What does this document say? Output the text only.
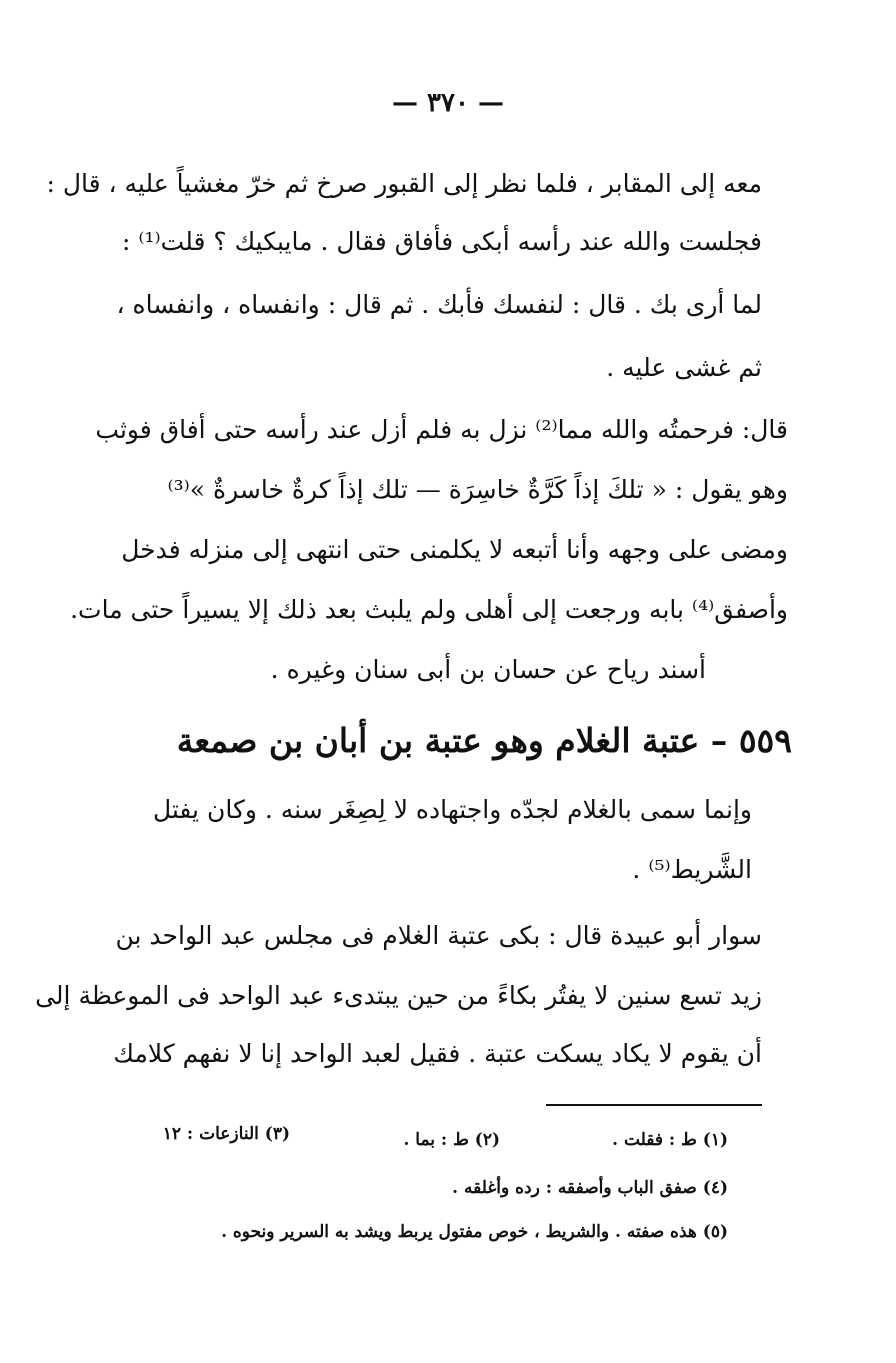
— ٣٧٠ —
معه إلى المقابر ، فلما نظر إلى القبور صرخ ثم خرّ مغشياً عليه ، قال :
فجلست والله عند رأسه أبكى فأفاق فقال . مايبكيك ؟ قلت⁽¹⁾ :
لما أرى بك . قال : لنفسك فأبك . ثم قال : وانفساه ، وانفساه ،
ثم غشى عليه .
قال: فرحمتُه والله مما⁽²⁾ نزل به فلم أزل عند رأسه حتى أفاق فوثب
وهو يقول : « تلكَ إذاً كَرَّةٌ خاسِرَة — تلك إذاً كرةٌ خاسرةٌ »⁽³⁾
ومضى على وجهه وأنا أتبعه لا يكلمنى حتى انتهى إلى منزله فدخل
وأصفق⁽⁴⁾ بابه ورجعت إلى أهلى ولم يلبث بعد ذلك إلا يسيراً حتى مات.
أسند رياح عن حسان بن أبى سنان وغيره .
٥٥٩ – عتبة الغلام وهو عتبة بن أبان بن صمعة
وإنما سمى بالغلام لجدّه واجتهاده لا لِصِغَر سنه . وكان يفتل
الشَّريط⁽⁵⁾ .
سوار أبو عبيدة قال : بكى عتبة الغلام فى مجلس عبد الواحد بن
زيد تسع سنين لا يفتُر بكاءً من حين يبتدىء عبد الواحد فى الموعظة إلى
أن يقوم لا يكاد يسكت عتبة . فقيل لعبد الواحد إنا لا نفهم كلامك
(١) ط : فقلت .
(٢) ط : بما .
(٣) النازعات : ١٢
(٤) صفق الباب وأصفقه : رده وأغلقه .
(٥) هذه صفته . والشريط ، خوص مفتول يربط ويشد به السرير ونحوه .
